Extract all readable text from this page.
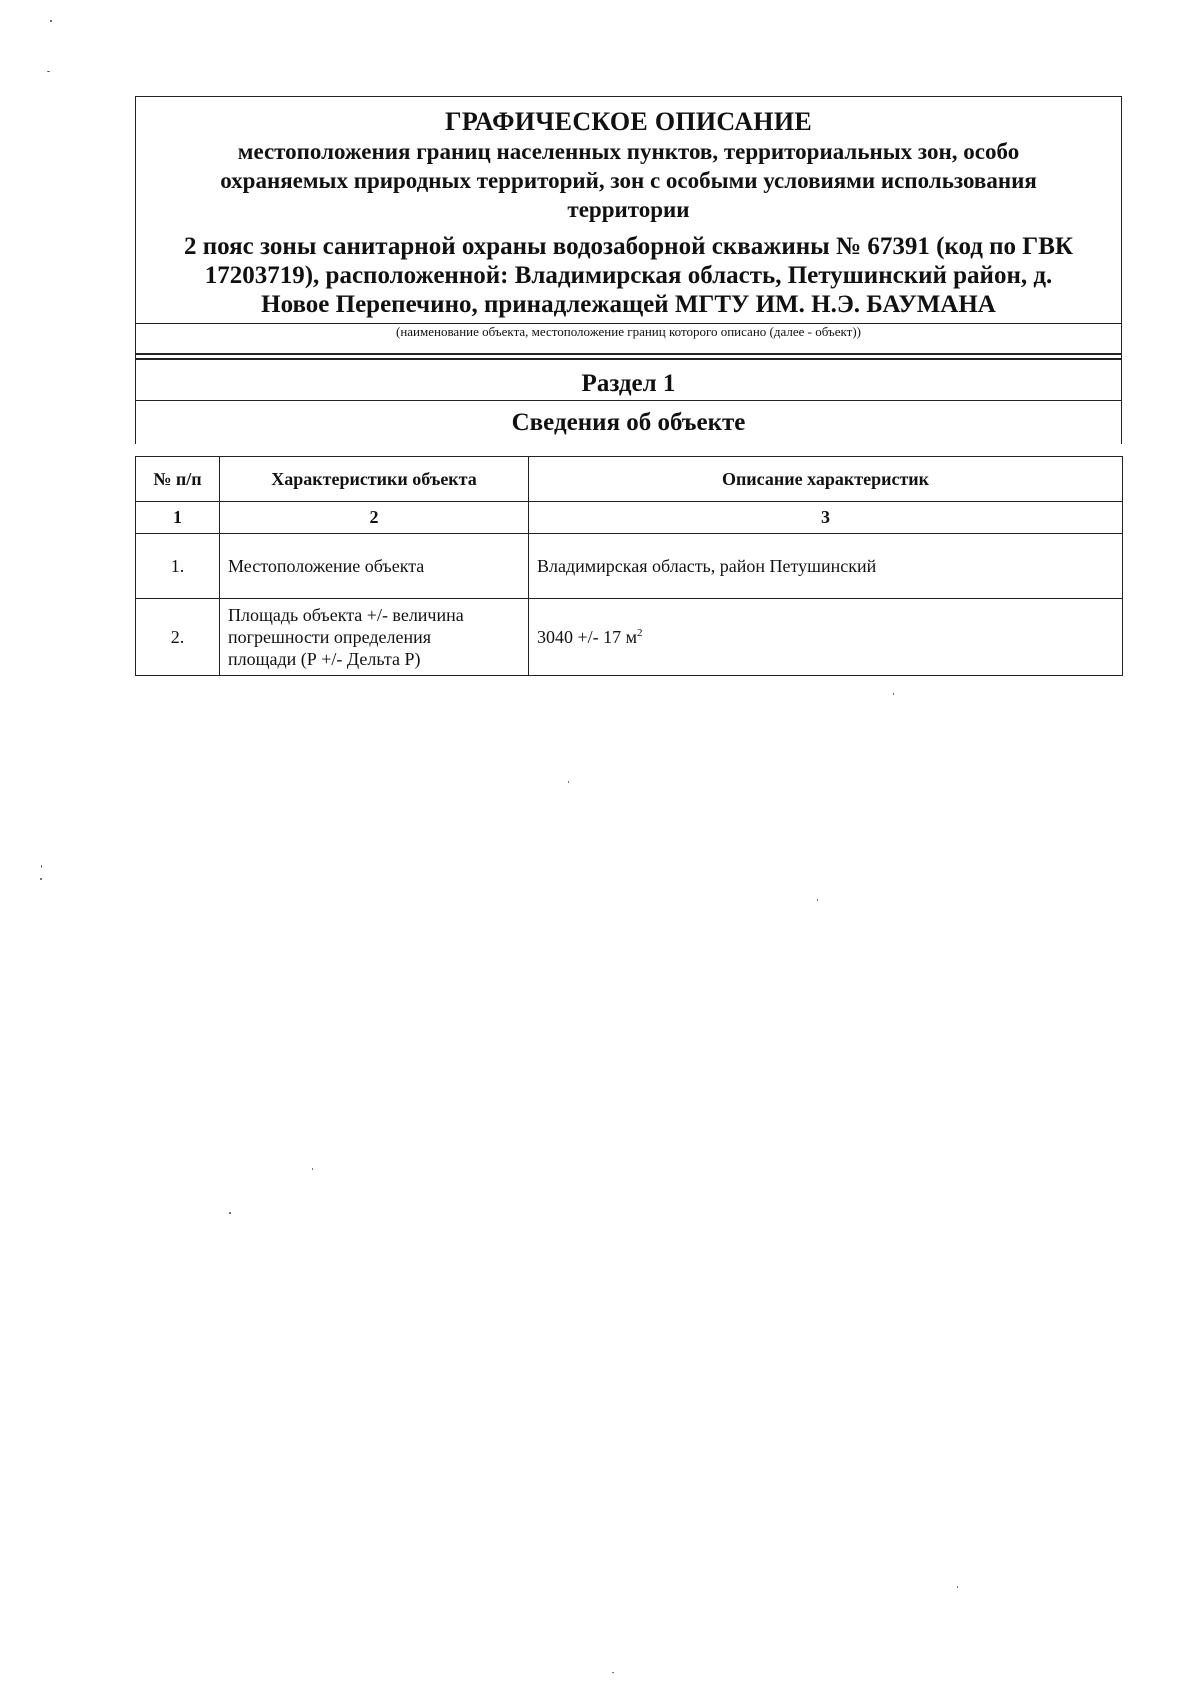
ГРАФИЧЕСКОЕ ОПИСАНИЕ
местоположения границ населенных пунктов, территориальных зон, особо
охраняемых природных территорий, зон с особыми условиями использования
территории
2 пояс зоны санитарной охраны водозаборной скважины № 67391 (код по ГВК
17203719), расположенной: Владимирская область, Петушинский район, д.
Новое Перепечино, принадлежащей МГТУ ИМ. Н.Э. БАУМАНА
(наименование объекта, местоположение границ которого описано (далее - объект))
Раздел 1
Сведения об объекте
№ п/п	Характеристики объекта	Описание характеристик
1	2	3
1.	Местоположение объекта	Владимирская область, район Петушинский
2.	Площадь объекта +/- величина
погрешности определения
площади (Р +/- Дельта Р)	3040 +/- 17 $м^2$
